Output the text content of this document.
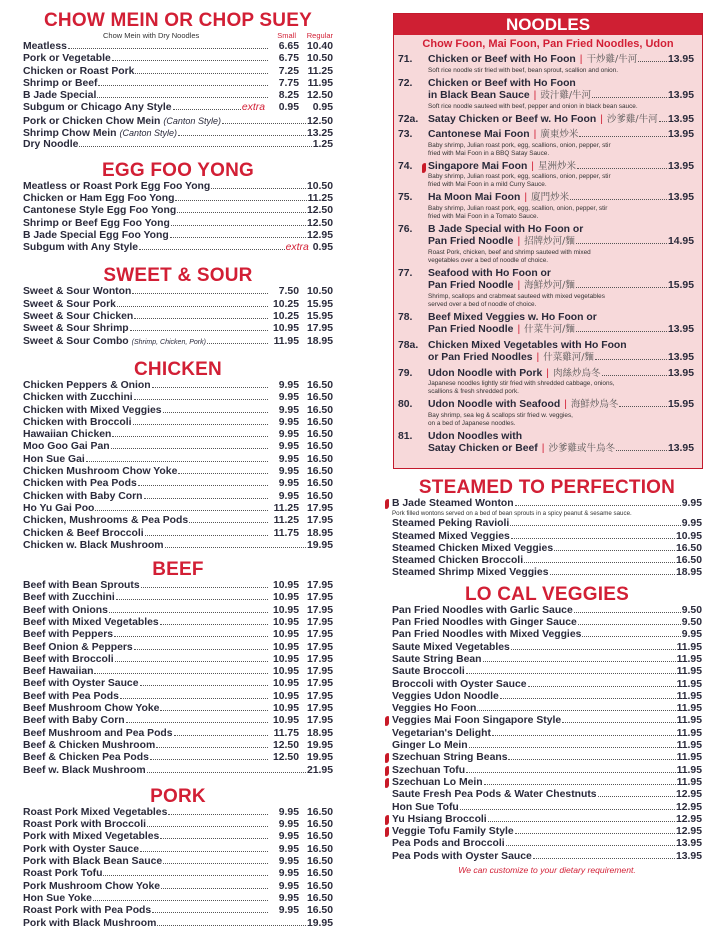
CHOW MEIN OR CHOP SUEY
Chow Mein with Dry Noodles	Small Regular
Meatless	6.65 10.40
Pork or Vegetable	6.75 10.50
Chicken or Roast Pork	7.25 11.25
Shrimp or Beef	7.75 11.95
B Jade Special	8.25 12.50
Subgum or Chicago Any Style	extra	0.95	0.95
Pork or Chicken Chow Mein (Canton Style)	12.50
Shrimp Chow Mein (Canton Style)	13.25
Dry Noodle	1.25
EGG FOO YONG
Meatless or Roast Pork Egg Foo Yong	10.50
Chicken or Ham Egg Foo Yong	11.25
Cantonese Style Egg Foo Yong	12.50
Shrimp or Beef Egg Foo Yong	12.50
B Jade Special Egg Foo Yong	12.95
Subgum with Any Style	extra 0.95
SWEET & SOUR
Sweet & Sour Wonton	7.50 10.50
Sweet & Sour Pork	10.25 15.95
Sweet & Sour Chicken	10.25 15.95
Sweet & Sour Shrimp	10.95 17.95
Sweet & Sour Combo (Shrimp, Chicken, Pork)	11.95 18.95
CHICKEN
Chicken Peppers & Onion	9.95 16.50
Chicken with Zucchini	9.95 16.50
Chicken with Mixed Veggies	9.95 16.50
Chicken with Broccoli	9.95 16.50
Hawaiian Chicken	9.95 16.50
Moo Goo Gai Pan	9.95 16.50
Hon Sue Gai	9.95 16.50
Chicken Mushroom Chow Yoke	9.95 16.50
Chicken with Pea Pods	9.95 16.50
Chicken with Baby Corn	9.95 16.50
Ho Yu Gai Poo	11.25 17.95
Chicken, Mushrooms & Pea Pods	11.25 17.95
Chicken & Beef Broccoli	11.75 18.95
Chicken w. Black Mushroom	19.95
BEEF
Beef with Bean Sprouts	10.95 17.95
Beef with Zucchini	10.95 17.95
Beef with Onions	10.95 17.95
Beef with Mixed Vegetables	10.95 17.95
Beef with Peppers	10.95 17.95
Beef Onion & Peppers	10.95 17.95
Beef with Broccoli	10.95 17.95
Beef Hawaiian	10.95 17.95
Beef with Oyster Sauce	10.95 17.95
Beef with Pea Pods	10.95 17.95
Beef Mushroom Chow Yoke	10.95 17.95
Beef with Baby Corn	10.95 17.95
Beef Mushroom and Pea Pods	11.75 18.95
Beef & Chicken Mushroom	12.50 19.95
Beef & Chicken Pea Pods	12.50 19.95
Beef w. Black Mushroom	21.95
PORK
Roast Pork Mixed Vegetables	9.95 16.50
Roast Pork with Broccoli	9.95 16.50
Pork with Mixed Vegetables	9.95 16.50
Pork with Oyster Sauce	9.95 16.50
Pork with Black Bean Sauce	9.95 16.50
Roast Pork Tofu	9.95 16.50
Pork Mushroom Chow Yoke	9.95 16.50
Hon Sue Yoke	9.95 16.50
Roast Pork with Pea Pods	9.95 16.50
Pork with Black Mushroom	19.95
NOODLES
Chow Foon, Mai Foon, Pan Fried Noodles, Udon
71. Chicken or Beef with Ho Foon | 干炒雞/牛河	13.95
Soft rice noodle stir fried with beef, bean sprout, scallion and onion.
72. Chicken or Beef with Ho Foon
in Black Bean Sauce | 豉汁雞/牛河	13.95
Soft rice noodle sauteed with beef, pepper and onion in black bean sauce.
72a. Satay Chicken or Beef w. Ho Foon | 沙爹雞/牛河 13.95
73. Cantonese Mai Foon | 廣東炒米	13.95
Baby shrimp, Julian roast pork, egg, scallions, onion, pepper, stir
fried with Mai Foon in a BBQ Satay Sauce.
74. Singapore Mai Foon | 星洲炒米	13.95
Baby shrimp, Julian roast pork, egg, scallions, onion, pepper, stir
fried with Mai Foon in a mild Curry Sauce.
75. Ha Moon Mai Foon | 廈門炒米	13.95
Baby shrimp, Julian roast pork, egg, scallion, onion, pepper, stir
fried with Mai Foon in a Tomato Sauce.
76. B Jade Special with Ho Foon or
Pan Fried Noodle | 招牌炒河/麵	14.95
Roast Pork, chicken, beef and shrimp sauteed with mixed
vegetables over a bed of noodle of choice.
77. Seafood with Ho Foon or
Pan Fried Noodle | 海鮮炒河/麵	15.95
Shrimp, scallops and crabmeat sauteed with mixed vegetables
served over a bed of noodle of choice.
78. Beef Mixed Veggies w. Ho Foon or
Pan Fried Noodle | 什菜牛河/麵	13.95
78a. Chicken Mixed Vegetables with Ho Foon
or Pan Fried Noodles | 什菜雞河/麵	13.95
79. Udon Noodle with Pork | 肉絲炒烏冬	13.95
Japanese noodles lightly stir fried with shredded cabbage, onions,
scallions & fresh shredded pork.
80. Udon Noodle with Seafood | 海鮮炒烏冬	15.95
Bay shrimp, sea leg & scallops stir fried w. veggies,
on a bed of Japanese noodles.
81. Udon Noodles with
Satay Chicken or Beef | 沙爹雞或牛烏冬	13.95
STEAMED TO PERFECTION
B Jade Steamed Wonton	9.95
Pork filled wontons served on a bed of bean sprouts in a spicy peanut & sesame sauce.
Steamed Peking Ravioli	9.95
Steamed Mixed Veggies	10.95
Steamed Chicken Mixed Veggies	16.50
Steamed Chicken Broccoli	16.50
Steamed Shrimp Mixed Veggies	18.95
LO CAL VEGGIES
Pan Fried Noodles with Garlic Sauce	9.50
Pan Fried Noodles with Ginger Sauce	9.50
Pan Fried Noodles with Mixed Veggies	9.95
Saute Mixed Vegetables	11.95
Saute String Bean	11.95
Saute Broccoli	11.95
Broccoli with Oyster Sauce	11.95
Veggies Udon Noodle	11.95
Veggies Ho Foon	11.95
Veggies Mai Foon Singapore Style	11.95
Vegetarian's Delight	11.95
Ginger Lo Mein	11.95
Szechuan String Beans	11.95
Szechuan Tofu	11.95
Szechuan Lo Mein	11.95
Saute Fresh Pea Pods & Water Chestnuts	12.95
Hon Sue Tofu	12.95
Yu Hsiang Broccoli	12.95
Veggie Tofu Family Style	12.95
Pea Pods and Broccoli	13.95
Pea Pods with Oyster Sauce	13.95
We can customize to your dietary requirement.
